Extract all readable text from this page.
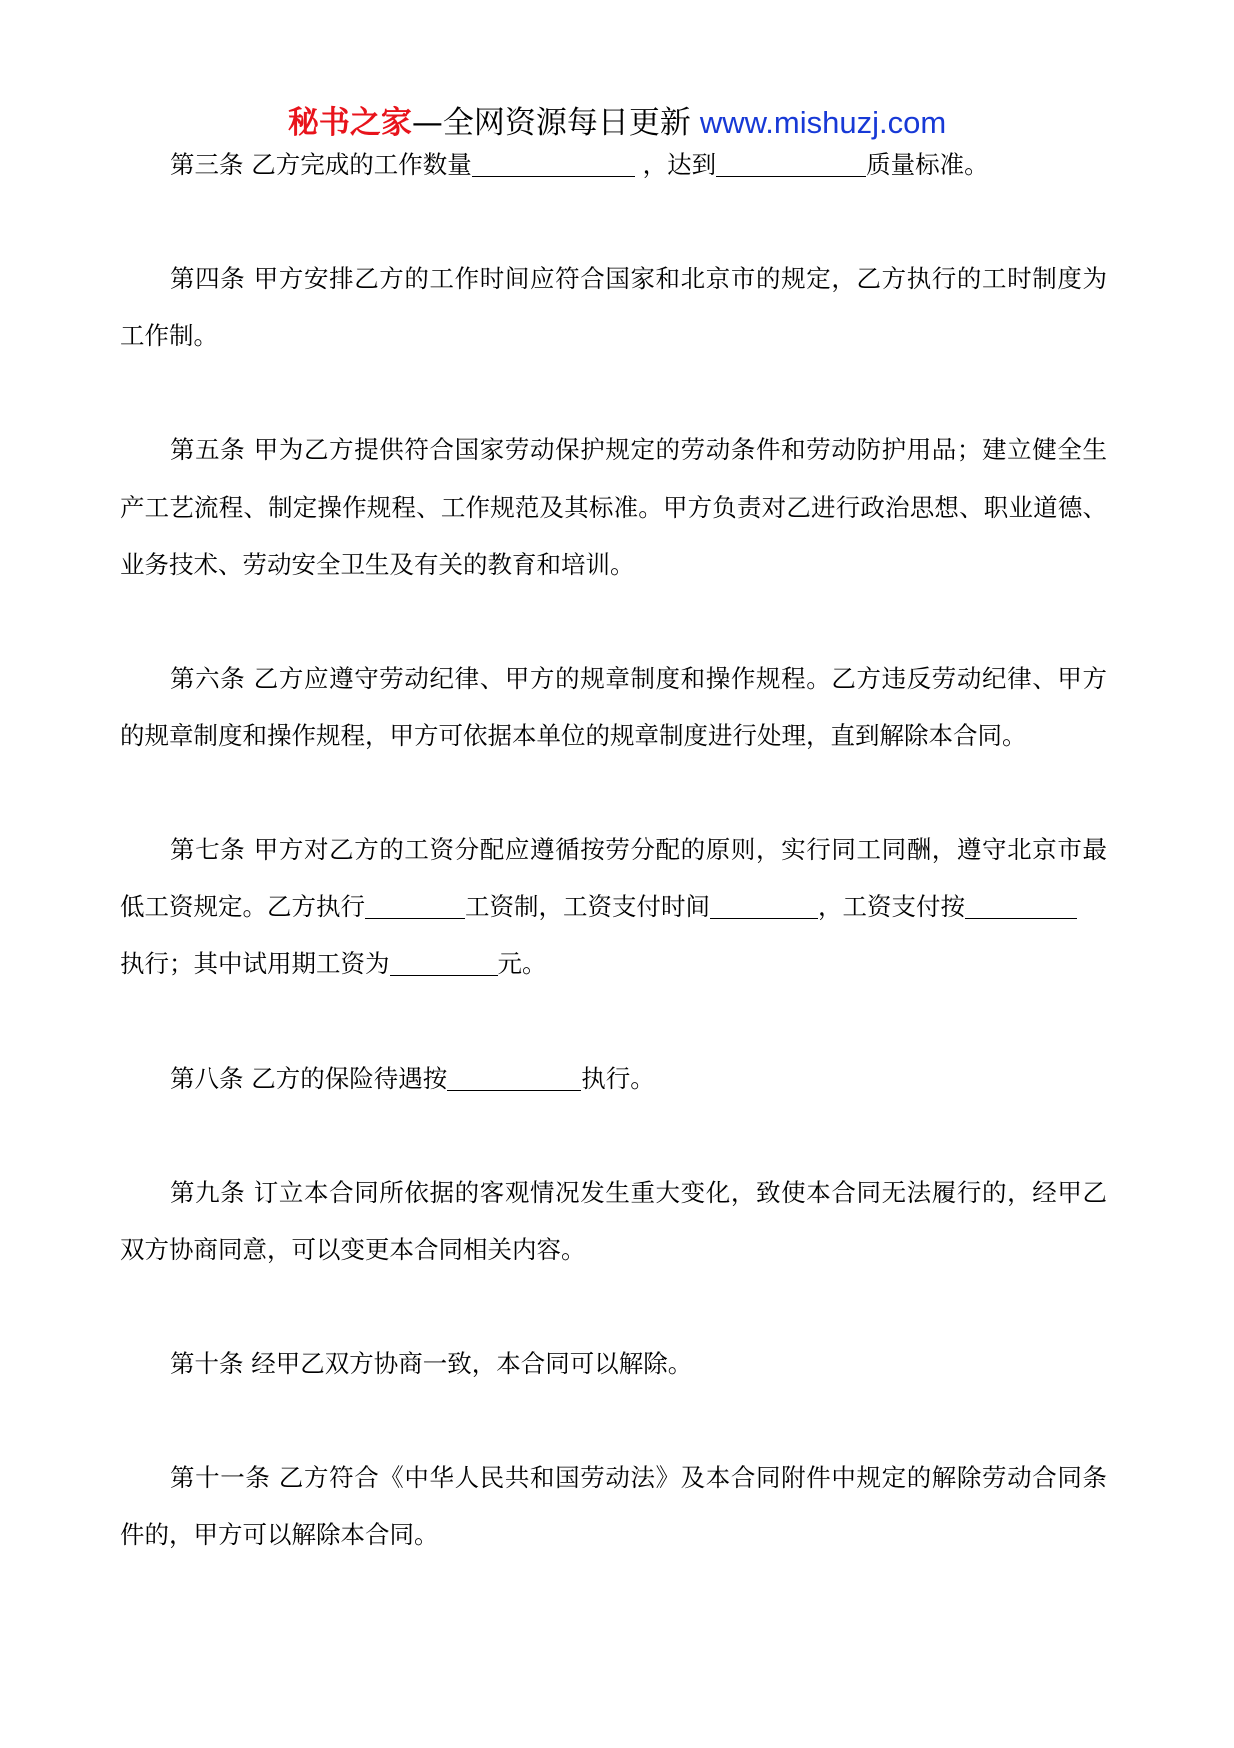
秘书之家—全网资源每日更新 www.mishuzj.com
第三条 乙方完成的工作数量	，达到	质量标准。
第四条 甲方安排乙方的工作时间应符合国家和北京市的规定，乙方执行的工时制度为
工作制。
第五条 甲为乙方提供符合国家劳动保护规定的劳动条件和劳动防护用品；建立健全生
产工艺流程、制定操作规程、工作规范及其标准。甲方负责对乙进行政治思想、职业道德、
业务技术、劳动安全卫生及有关的教育和培训。
第六条 乙方应遵守劳动纪律、甲方的规章制度和操作规程。乙方违反劳动纪律、甲方
的规章制度和操作规程，甲方可依据本单位的规章制度进行处理，直到解除本合同。
第七条 甲方对乙方的工资分配应遵循按劳分配的原则，实行同工同酬，遵守北京市最
低工资规定。乙方执行	工资制，工资支付时间	，工资支付按
执行；其中试用期工资为	元。
第八条 乙方的保险待遇按	执行。
第九条 订立本合同所依据的客观情况发生重大变化，致使本合同无法履行的，经甲乙
双方协商同意，可以变更本合同相关内容。
第十条 经甲乙双方协商一致，本合同可以解除。
第十一条 乙方符合《中华人民共和国劳动法》及本合同附件中规定的解除劳动合同条
件的，甲方可以解除本合同。
